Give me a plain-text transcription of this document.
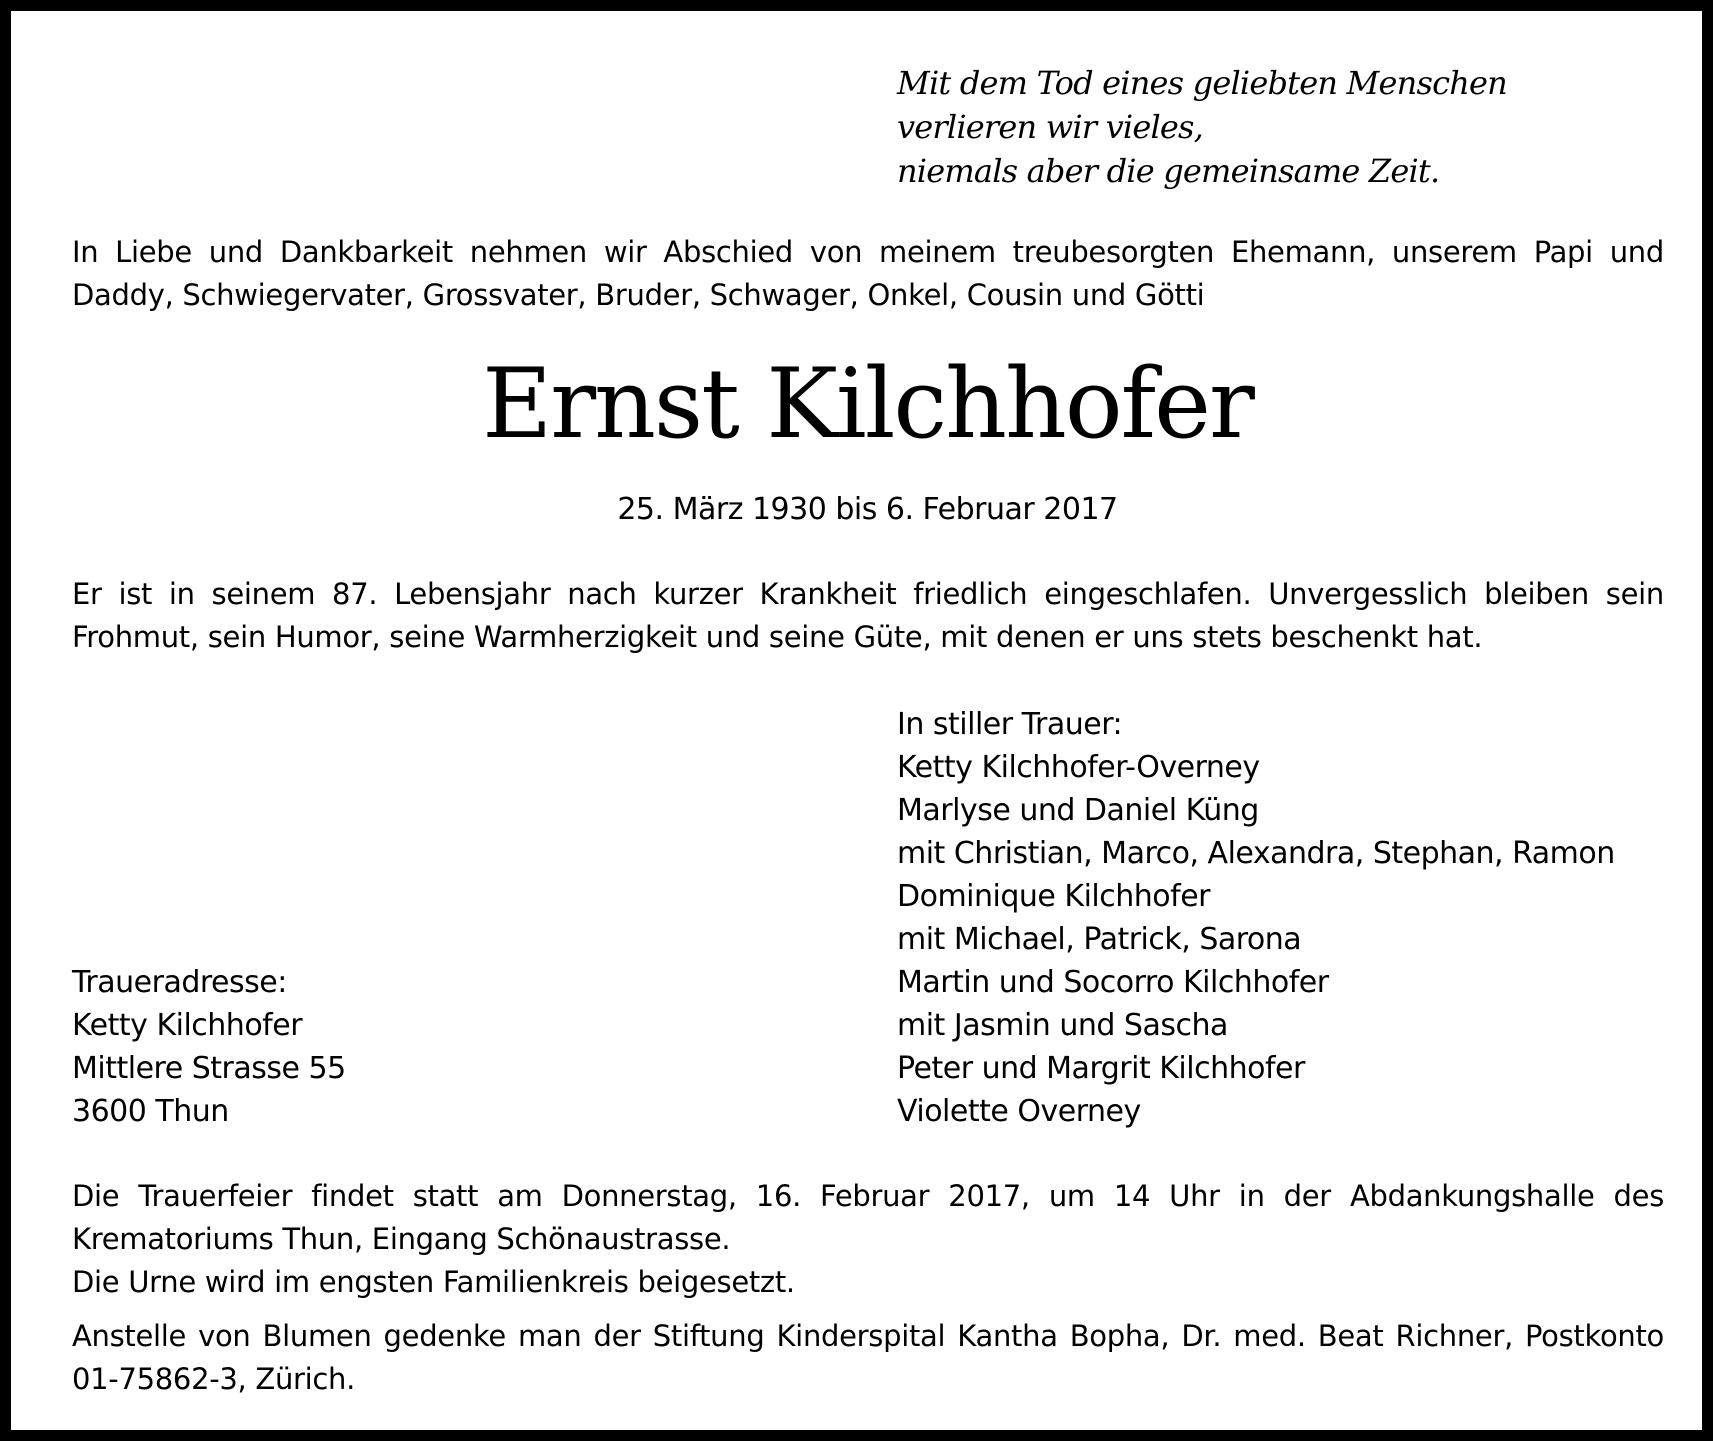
Mit dem Tod eines geliebten Menschen
verlieren wir vieles,
niemals aber die gemeinsame Zeit.
In Liebe und Dankbarkeit nehmen wir Abschied von meinem treubesorgten Ehemann, unserem Papi und Daddy, Schwiegervater, Grossvater, Bruder, Schwager, Onkel, Cousin und Götti
Ernst Kilchhofer
25. März 1930 bis 6. Februar 2017
Er ist in seinem 87. Lebensjahr nach kurzer Krankheit friedlich eingeschlafen. Unvergesslich bleiben sein Frohmut, sein Humor, seine Warmherzigkeit und seine Güte, mit denen er uns stets beschenkt hat.
In stiller Trauer:
Ketty Kilchhofer-Overney
Marlyse und Daniel Küng
mit Christian, Marco, Alexandra, Stephan, Ramon
Dominique Kilchhofer
mit Michael, Patrick, Sarona
Martin und Socorro Kilchhofer
mit Jasmin und Sascha
Peter und Margrit Kilchhofer
Violette Overney
Traueradresse:
Ketty Kilchhofer
Mittlere Strasse 55
3600 Thun
Die Trauerfeier findet statt am Donnerstag, 16. Februar 2017, um 14 Uhr in der Abdankungshalle des Krematoriums Thun, Eingang Schönaustrasse.
Die Urne wird im engsten Familienkreis beigesetzt.
Anstelle von Blumen gedenke man der Stiftung Kinderspital Kantha Bopha, Dr. med. Beat Richner, Postkonto 01-75862-3, Zürich.
